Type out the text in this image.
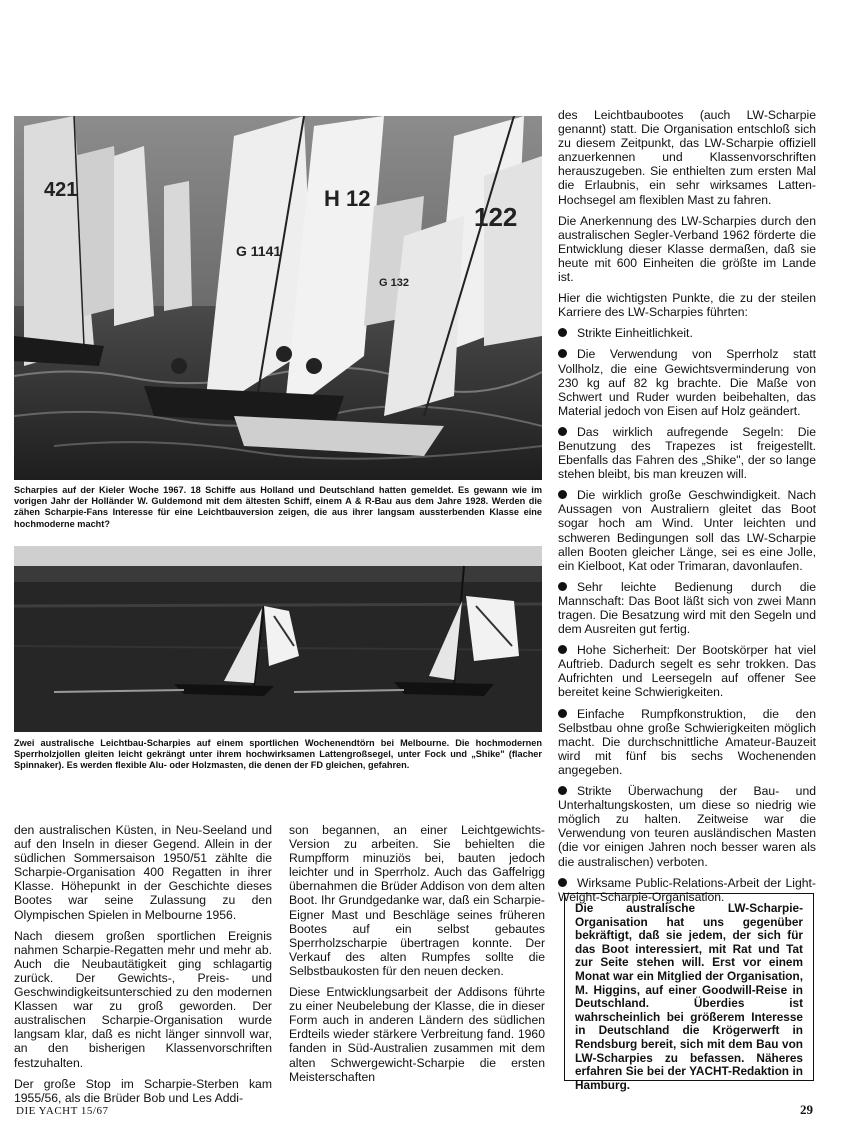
421	H 12
122
G 1141
G 132
Scharpies auf der Kieler Woche 1967. 18 Schiffe aus Holland und Deutschland hatten gemeldet. Es gewann wie im vorigen Jahr der Holländer W. Guldemond mit dem ältesten Schiff, einem A & R-Bau aus dem Jahre 1928. Werden die zähen Scharpie-Fans Interesse für eine Leichtbauversion zeigen, die aus ihrer langsam aussterbenden Klasse eine hochmoderne macht?
Zwei australische Leichtbau-Scharpies auf einem sportlichen Wochenendtörn bei Melbourne. Die hochmodernen Sperrholzjollen gleiten leicht gekrängt unter ihrem hochwirksamen Lattengroßsegel, unter Fock und „Shike" (flacher Spinnaker). Es werden flexible Alu- oder Holzmasten, die denen der FD gleichen, gefahren.

den australischen Küsten, in Neu-Seeland und auf den Inseln in dieser Gegend. Allein in der südlichen Sommersaison 1950/51 zählte die Scharpie-Organisation 400 Regatten in ihrer Klasse. Höhepunkt in der Geschichte dieses Bootes war seine Zulassung zu den Olympischen Spielen in Melbourne 1956.

Nach diesem großen sportlichen Ereignis nahmen Scharpie-Regatten mehr und mehr ab. Auch die Neubautätigkeit ging schlagartig zurück. Der Gewichts-, Preis- und Geschwindigkeitsunterschied zu den modernen Klassen war zu groß geworden. Der australischen Scharpie-Organisation wurde langsam klar, daß es nicht länger sinnvoll war, an den bisherigen Klassenvorschriften festzuhalten.

Der große Stop im Scharpie-Sterben kam 1955/56, als die Brüder Bob und Les Addi-

son begannen, an einer Leichtgewichts-Version zu arbeiten. Sie behielten die Rumpfform minuziös bei, bauten jedoch leichter und in Sperrholz. Auch das Gaffelrigg übernahmen die Brüder Addison von dem alten Boot. Ihr Grundgedanke war, daß ein Scharpie-Eigner Mast und Beschläge seines früheren Bootes auf ein selbst gebautes Sperrholzscharpie übertragen konnte. Der Verkauf des alten Rumpfes sollte die Selbstbaukosten für den neuen decken.

Diese Entwicklungsarbeit der Addisons führte zu einer Neubelebung der Klasse, die in dieser Form auch in anderen Ländern des südlichen Erdteils wieder stärkere Verbreitung fand. 1960 fanden in Süd-Australien zusammen mit dem alten Schwergewicht-Scharpie die ersten Meisterschaften

des Leichtbaubootes (auch LW-Scharpie genannt) statt. Die Organisation entschloß sich zu diesem Zeitpunkt, das LW-Scharpie offiziell anzuerkennen und Klassenvorschriften herauszugeben. Sie enthielten zum ersten Mal die Erlaubnis, ein sehr wirksames Latten-Hochsegel am flexiblen Mast zu fahren.

Die Anerkennung des LW-Scharpies durch den australischen Segler-Verband 1962 förderte die Entwicklung dieser Klasse dermaßen, daß sie heute mit 600 Einheiten die größte im Lande ist.

Hier die wichtigsten Punkte, die zu der steilen Karriere des LW-Scharpies führten:

Strikte Einheitlichkeit.

Die Verwendung von Sperrholz statt Vollholz, die eine Gewichtsverminderung von 230 kg auf 82 kg brachte. Die Maße von Schwert und Ruder wurden beibehalten, das Material jedoch von Eisen auf Holz geändert.

Das wirklich aufregende Segeln: Die Benutzung des Trapezes ist freigestellt. Ebenfalls das Fahren des „Shike", der so lange stehen bleibt, bis man kreuzen will.

Die wirklich große Geschwindigkeit. Nach Aussagen von Australiern gleitet das Boot sogar hoch am Wind. Unter leichten und schweren Bedingungen soll das LW-Scharpie allen Booten gleicher Länge, sei es eine Jolle, ein Kielboot, Kat oder Trimaran, davonlaufen.

Sehr leichte Bedienung durch die Mannschaft: Das Boot läßt sich von zwei Mann tragen. Die Besatzung wird mit den Segeln und dem Ausreiten gut fertig.

Hohe Sicherheit: Der Bootskörper hat viel Auftrieb. Dadurch segelt es sehr trokken. Das Aufrichten und Leersegeln auf offener See bereitet keine Schwierigkeiten.

Einfache Rumpfkonstruktion, die den Selbstbau ohne große Schwierigkeiten möglich macht. Die durchschnittliche Amateur-Bauzeit wird mit fünf bis sechs Wochenenden angegeben.

Strikte Überwachung der Bau- und Unterhaltungskosten, um diese so niedrig wie möglich zu halten. Zeitweise war die Verwendung von teuren ausländischen Masten (die vor einigen Jahren noch besser waren als die australischen) verboten.

Wirksame Public-Relations-Arbeit der Light-Weight-Scharpie-Organisation.

Die australische LW-Scharpie-Organisation hat uns gegenüber bekräftigt, daß sie jedem, der sich für das Boot interessiert, mit Rat und Tat zur Seite stehen will. Erst vor einem Monat war ein Mitglied der Organisation, M. Higgins, auf einer Goodwill-Reise in Deutschland. Überdies ist wahrscheinlich bei größerem Interesse in Deutschland die Krögerwerft in Rendsburg bereit, sich mit dem Bau von LW-Scharpies zu befassen. Näheres erfahren Sie bei der YACHT-Redaktion in Hamburg.
DIE YACHT 15/67	29
